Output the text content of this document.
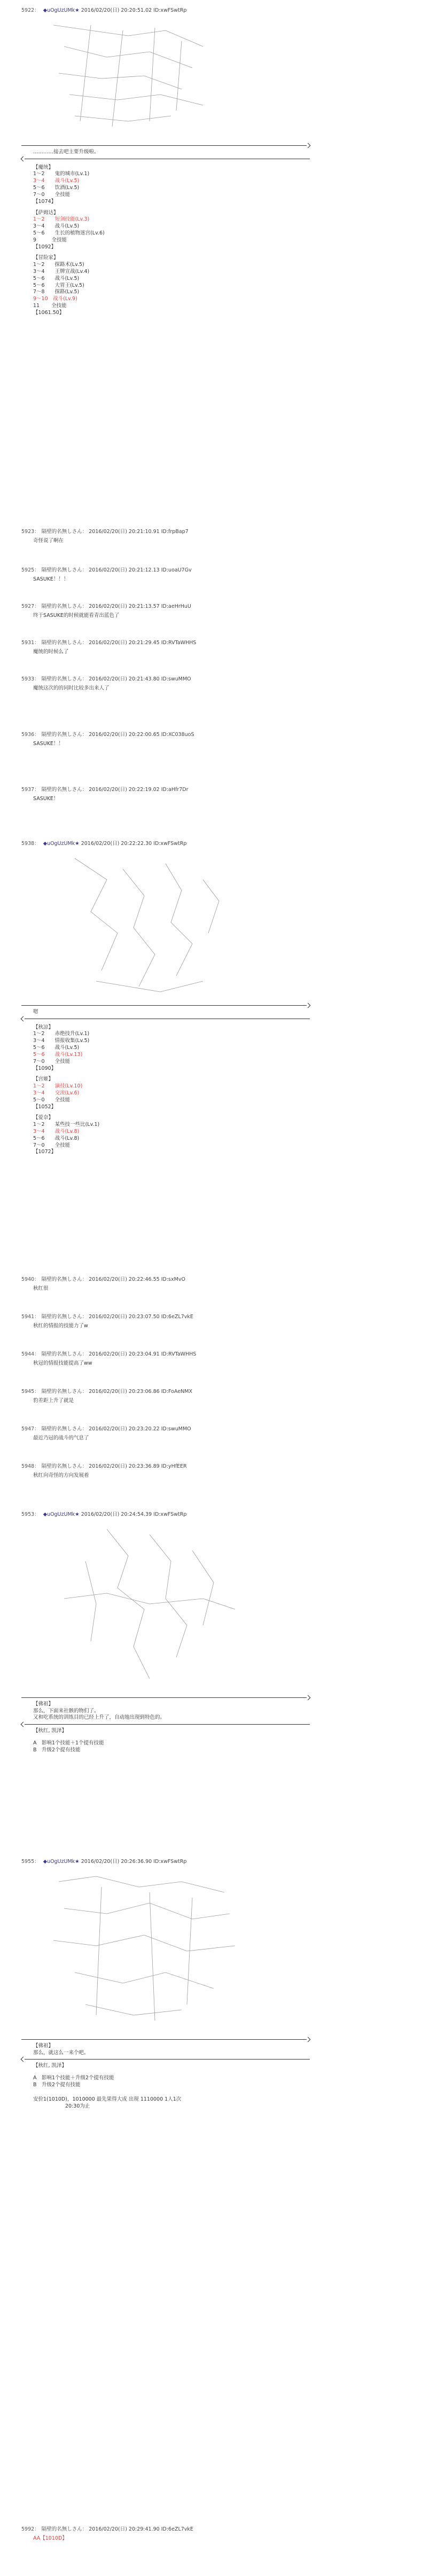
5922： ◆uOgUzUMk★ 2016/02/20(日) 20:20:51.02 ID:xwFSwtRp
…………接去吧主要升级啦。
【魔统】
1〜2　　鬼的城市(Lv.1)
3〜4　　战斗(Lv.5)
5〜6　　饮酒(Lv.5)
7〜0　　全技能
【1074】
【萨姆达】
1〜2　　短剑技能(Lv.3)
3〜4　　战斗(Lv.5)
5〜6　　生长的植物迷宫(Lv.6)
9　　　全技能
【1092】
【冒险家】
1〜2　　探路术(Lv.5)
3〜4　　王牌宣战(Lv.4)
5〜6　　战斗(Lv.5)
5〜6　　大胃王(Lv.5)
7〜8　　探路(Lv.5)
9〜10　战斗(Lv.9)
11　　 全技能
【1061.50】
5923： 隔壁的名無しさん： 2016/02/20(日) 20:21:10.91 ID:frpBap7
奇怪说了啊在
5925： 隔壁的名無しさん： 2016/02/20(日) 20:21:12.13 ID:uoaU7Gv
SASUKE！！！
5927： 隔壁的名無しさん： 2016/02/20(日) 20:21:13.57 ID:aeHrHuU
终于SASUKE的时候就能看青出蓝色了
5931： 隔壁的名無しさん： 2016/02/20(日) 20:21:29.45 ID:RVTaWHHS
魔统的时候么了
5933： 隔壁的名無しさん： 2016/02/20(日) 20:21:43.80 ID:swuMMO
魔统这次的的同时比较多出来人了
5936： 隔壁的名無しさん： 2016/02/20(日) 20:22:00.65 ID:XC038uoS
SASUKE！！
5937： 隔壁的名無しさん： 2016/02/20(日) 20:22:19.02 ID:aHfr7Dr
SASUKE！
5938： ◆uOgUzUMk★ 2016/02/20(日) 20:22:22.30 ID:xwFSwtRp
嗯
【秋凉】
1〜2　　赤绝技升(Lv.1)
3〜4　　情报收集(Lv.5)
5〜6　　战斗(Lv.5)
5〜6　　战斗(Lv.13)
7〜0　　全技能
【1090】
【宫姬】
1〜2　　演技(Lv.10)
3〜4　　交流(Lv.6)
5〜0　　全技能
【1052】
【爱奈】
1〜2　　某些技一些比(Lv.1)
3〜4　　战斗(Lv.8)
5〜6　　战斗(Lv.8)
7〜0　　全技能
【1072】
5940： 隔壁的名無しさん： 2016/02/20(日) 20:22:46.55 ID:sxMvO
秋红很
5941： 隔壁的名無しさん： 2016/02/20(日) 20:23:07.50 ID:6eZL7vkE
秋红的情报的技能力了w
5944： 隔壁的名無しさん： 2016/02/20(日) 20:23:04.91 ID:RVTaWHHS
秋冠的情报技能提高了ww
5945： 隔壁的名無しさん： 2016/02/20(日) 20:23:06.86 ID:FoAeNMX
豹差距上升了就是
5947： 隔壁的名無しさん： 2016/02/20(日) 20:23:20.22 ID:swuMMO
最近乃冠的战斗的气息了
5948： 隔壁的名無しさん： 2016/02/20(日) 20:23:36.89 ID:yHfEER
秋红向奇怪的方向发展着
5953： ◆uOgUzUMk★ 2016/02/20(日) 20:24:54.39 ID:xwFSwtRp
【佛祖】
那么，下面来社骸的物们了。
又和吃系统的训练目的已经上升了，自动地出现到特色的。
【秋红, 凯泽】
A　影响1个技能＋1个提有技能
B　升级2个提有技能
5955： ◆uOgUzUMk★ 2016/02/20(日) 20:26:36.90 ID:xwFSwtRp
【佛祖】
那么，就这么一来个吧。
【秋红, 凯泽】
A　影响1个技能＋升级2个提有技能
B　升级2个提有技能
安价1(1010D)，1010000 最先果得大成 出现 1110000 1人1次
20:30为止
5992： 隔壁的名無しさん： 2016/02/20(日) 20:29:41.90 ID:6eZL7vkE
AA【1010D】
